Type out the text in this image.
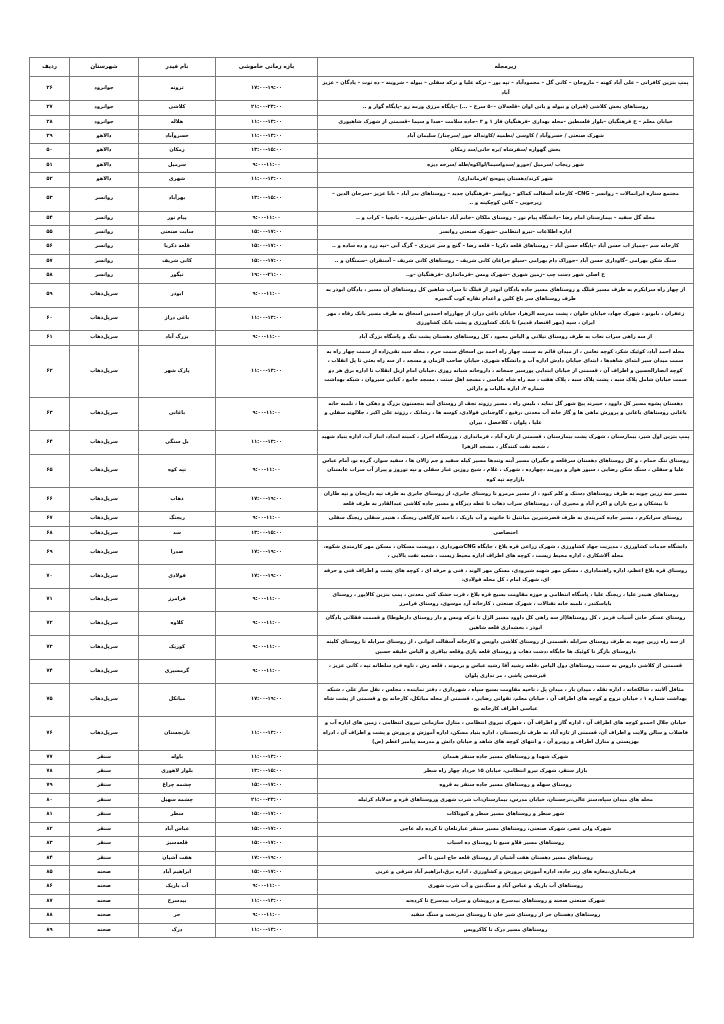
زیرمجله	بازه زمانی خاموشی	نام فیدر	شهرستان	ردیف
پمپ بنزین کافرانی – علی آباد کهنه – ماروخان – کانی گل – محمودآباد – تپه بور – ترکه علیا و ترکه سفلی – بیوله – شروینه – ده توت – یادگان – عزیز آباد	۱۷:۰۰-۱۹:۰۰	ثروته	جوانرود	۲۶
روستاهای بخش کلاشی (فیران و بیوله و بانی اوان –قلعه‌لان –۵۰ سرخ – ...) –پایگاه مرزی ورمه رو –پایگاه گوار و ..	۲۱:۰۰-۲۳:۰۰	کلاشی	جوانرود	۲۷
خیابان معلم – خ فرهنگیان –بلوار فلسطین –محله بهداری –فرهنگیان فاز ۱ و ۲ –جاده سلامت –صدا و سیما –قسمتی از شهرک شاهپوری	۱۱:۰۰-۱۳:۰۰	هلاله	جوانرود	۲۸
شهرک صنعتی / خسروآباد / کاوسی /نظمیه /کاونداله خور /سرچنار/ سلیمان آباد	۱۱:۰۰-۱۳:۰۰	خسروآباد	دالاهو	۲۹
بخش گهواره /سفرشاه /بره خانی/سد زمکان	۱۳:۰۰-۱۵:۰۰	زمکان	دالاهو	۵۰
شهر ریجاب /سرمیل /خورو /سدواسیما/لواکوه/طله /سرخه دیزه	۹:۰۰-۱۱:۰۰	سرمیل	دالاهو	۵۱
شهر کرند/دهستان پیوه‌نج /فرمانداری/	۱۱:۰۰-۱۳:۰۰	شهری	دالاهو	۵۲
مجتمع ستاره ایرانمالات – روانسر – CNG– کارخانه آسفالت کماکو – روانسر –فرهنگیان جدید – روستاهای بدر آباد – بابا عزیز –سرحان الدین – زیرجویی – کانی کوچکینه و ..	۱۳:۰۰-۱۵:۰۰	بهرآباد	روانسر	۵۳
محله گل سفید – بیمارستان امام رضا –دانشگاه پیام نور – روستای ملکان –خانم آباد –ماماش –طبرزره – بانچیا – کراب و ..	۹:۰۰-۱۱:۰۰	پیام نور	روانسر	۵۴
اداره اطلاعات –نیرو انتظامی –شهرک صنعتی روانسر	۱۵:۰۰-۱۷:۰۰	سایت صنعتی	روانسر	۵۵
کارخانه سم –چمیاز اب حسن آباد –پایگاه حسن آباد – روستاهای قلعه ذکریا – قلعه رضا – گنج و سر عزیزی – گرگ آبی –تپه زرد و ده ساده و ..	۱۵:۰۰-۱۷:۰۰	قلعه ذکریا	روانسر	۵۶
سنگ شکن بهرامی –گاوداری حسن آباد –خوراک دام بهرامی –سیلو جراغان کانی شریف – روستاهای کانی شریف – آستقران –سمنگان و ..	۱۵:۰۰-۱۷:۰۰	کانی شریف	روانسر	۵۷
خ اصلی شهر دست چپ –زمین شهری –شهرک ومس –فرمانداری –فرهنگیان –و..	۱۹:۰۰-۲۱:۰۰	نیگور	روانسر	۵۸
از چهار راه سرابکرم به طرف مسیر قبلگ و روستاهای مسیر جاده یادگان ابوذر از قبلگ تا سراب شاهین کل روستاهای آن مسیر ، یادگان ابوذر به طرف روستاهای سر باغ کلین و اعدام نقاره کوب گنجیره	۹:۰۰-۱۱:۰۰	ابوذر	سرپل‌ذهاب	۵۹
زعفران ، بابونو ، شهرک جهاد، خیابان حلوان ، پشت مدرسه الزهرا، خیابان باغی دراز، از چهارراه احمدبن اسحاق به طرف مسیر بانک رفاه ، مهر ایران ، سپه (مهر اقتصاد قدیم) تا بانک کشاورزی و پشت بانک کشاورزی	۱۱:۰۰-۱۳:۰۰	باغی دراز	سرپل‌ذهاب	۶۰
از سه راهی سراب نعاب به طرف روستای نیلانی و الیاس معبود ، کل روستاهای دهستان پشت تنگ و پاسگاه بزرگ آباد	۹:۰۰-۱۱:۰۰	بزرگ آباد	سرپل‌ذهاب	۶۱
محله احمد آباد، کوئیک شکر، کوچه نعامی ، از میدان قائم به سمت چهار راه احمد بن اسحاق سمت حرم ، محله سید تقی‌زاده از سمت چهار راه به سمت میدان سیر ابتدای شاهدها ، ابتدای خیابان دادش اداره آب و دانشگاه شهری، خیابان صاحب الزمان و مسجد ، از سه راه بعثی تا پل انقلاب ، کوچه انصارالحسین و اطراف آن ، قسمتی از خیابان ابتدایی پورسیر جمخانه ، داروخانه شبانه روزی ،خیابان امام ازبل انقلاب تا اداره برق هر دو سمت خیابان شامل پلاک سبه ، پشت پلاک سبه ، پلاک هفت ، سه راه شاه عباسی ، مسجد اهل سنت ، مسجد جامع ، کبابی سیروان ، شبکه بهداشت شماره ۲، اداره مالیات و دارائی	۱۱:۰۰-۱۳:۰۰	پارک شهر	سرپل‌ذهاب	۶۲
دهستان پشوه مسیر کل داوود ، خیبرند پیچ شهر گل نماید ، بلیس راه ، مسیر رزوند نجف از روستای آبنه بنجستون بزرگ و دهکی ها ، تلمبه خانه باغانی روستاهای باغانی و پرورش ماهی ها و گاز خانه آب معدنی ،رفیع ، گاوجنانی فولادی، کوسه ها ، رشانک ، رزوند علی اکبر ، جلالوند سفلی و علیا ، پلوان ، کلاخصل ، بیران	۹:۰۰-۱۱:۰۰	باغانی	سرپل‌ذهاب	۶۳
پمپ بنزین اول شیر، بیمارستان ، شهرک پشت بیمارستان ، قسمتی از تازه آباد ، فرمانداری ، ورزشگاه احرار ، کمیته امداد، انبار آب، اداره بنیاد شهید ، شعبه نفت کنندگار ، مسجد الزهرا	۱۱:۰۰-۱۳:۰۰	بل سنگی	سرپل‌ذهاب	۶۴
روستای تنگ حمام ، و کل روستاهای دهستان سرقلعه و جگیران مسیر آبنه وتندها مسیر کیله سفید و جم زالان ها ، سفید سوار، گرده نو، آمام عباس علیا و سفلی ، سنگ شکن رضایی ، سیور هوار و دوربند ،چهارده ، شهرک ، غلام ، شیخ روزبن غبار سفلی و تپه نوروز و پیراز آب سراب عابستان بازارچه تپه کوه	۹:۰۰-۱۱:۰۰	تپه کوه	سرپل‌ذهاب	۶۵
مسیر سه زرین چوبه به طرف روستاهای دستک و کلم کبود ، از مسیر مرمرو تا روستای جابری، از روستای جابری به طرف تپه داریخان و تپه طاران تا بیشکان و برج باران و اکرم آباد و مجیری آن ، روستاهای سراب ذهاب تا عطه دیزگاه و مسیر جاده کلاشی عبدالقادر به طرف قلعه	۱۷:۰۰-۱۹:۰۰	ذهاب	سرپل‌ذهاب	۶۶
روستای سرابکرم ، مسیر جاده کمربندی به طرف قصرشیرین میانتیل تا خاتونه و آب باریک ، ناحیه کارگاهی ریجنگ ، هنیدر سفلی ریجنگ سفلی	۹:۰۰-۱۱:۰۰	ریجنگ	سرپل‌ذهاب	۶۷
اختصاصی	۱۳:۰۰-۱۵:۰۰	سد	سرپل‌ذهاب	۶۸
دانشگاه خدمات کشاورزی ، مدیریت جهاد کشاورزی ، شهرک زراعی قره بلاغ ، جایگاه CNGشهرداری ، دویست مسکان ، مسکن مهر کارمندی شکوه، محله آلاشکاری ، اداره محیط زیست ، کوچه های اطراف اداره محیط زیست ، شعبه نفت بالایی ،	۱۷:۰۰-۱۹:۰۰	صدرا	سرپل‌ذهاب	۶۹
روستای قره بلاغ اعظم، اداره راهنماداری ، مسکن مهر شهید شیرودی، مسکن مهر الوند ، فنی و حرفه ای ، کوچه های پشت و اطراف فنی و حرفه ای، شهرک امام ، کل محله فولادی،	۱۷:۰۰-۱۹:۰۰	فولادی	سرپل‌ذهاب	۷۰
روستاهای هنیدر علیا ، ریجنگ علیا ، پاسگاه انتظامی و حوزه مقاومت بسیج قره بلاغ ، فرت خشک کنی معدنی ، پمپ بنزین کالاپور ، روستای باباسکندر ، تلمبه خانه نفتالات ، شهرک صنعتی ، کارخانه آرد موسوی، روستای فرامرز	۹:۰۰-۱۱:۰۰	فرامرز	سرپل‌ذهاب	۷۱
روستای عسکر خانی آسیاب فرمز ، کل روستاها(از سه راهی کل داوود مسیر الزل تا ترکه ومس و دار روستای دارطوطا) و قسمت فقلانی پادگان ابوذر ، بخشداری قلعه شاهین	۹:۰۰-۱۱:۰۰	کلاوه	سرپل‌ذهاب	۷۲
از سه راه زرین چوبه به طرف روستای سرابله ،قسمتی از روستای کلاشی داویس و کارخانه آسفالت انوانی ، از روستای سرابله تا روستای کلیته داروستای بازگر تا کوئیک ها جایگاه ،دشت ذهاب و روستای قلعه پازی وقلعه بیاقری و الیاس خلیفه حسین	۹:۰۰-۱۱:۰۰	کوریک	سرپل‌ذهاب	۷۳
قسمتی از کلاشی داروس به سمت روستاهای دول الیاس ،قلعه رشید آقا رشید عباس و برموند ، قلعه رش ، تاوه فرد سلطانه تپه ، کانی عزیز ، قیرشجی پاشی ، مر نداری پلوان	۹:۰۰-۱۱:۰۰	گرمسیری	سرپل‌ذهاب	۷۴
مثافل آلابند ، شالکخانه ، اداره نقله ، میدان بار ، میدان پل ، ناحیه مقاومت بسیج سپاه ، شهرداری ، دفتر نماینده ، مجلس ، نقل ساز علی ، شبکه بهداشت شماره ۱ ، خیابان نروج و کوچه های اطراف آن ، خیابان معلم، تقوانی رضایی ، قسمتی از محله میانکل، کارخانه یخ و قسمتی از پشت شاه عباسی اطراف کارخانه یخ	۱۷:۰۰-۱۹:۰۰	میانکل	سرپل‌ذهاب	۷۵
خیابان جلال احمدو کوچه های اطراف آن ، اداره گاز و اطراف آن ، شهرک نیروی انتظامی ، منازل سازمانی نیروی انتظامی ، زمین های اداره آب و فاضلاب و سالن ولایت و اطراف آن، قسمتی از تازه آباد به طرف نارنجستان ، اداره بنیاد مسکن، اداره آموزش و پرورش و پشت و اطراف آن ، ادراه بهزیستی و منازل اطراف و روبرو آن ، و انتهای کوچه های شاهد و خیابان دانش و مدرسه پیامبر اعظم (ص)	۱۱:۰۰-۱۳:۰۰	نارنجستان	سرپل‌ذهاب	۷۶
شهرک شهدا و روستاهای مسیر جاده سنقر همدان	۱۱:۰۰-۱۳:۰۰	باوله	سنقر	۷۷
بازار سنقر، شهرک نیرو انتظامی، خیابان ۱۵ خرداد چهار راه سطر	۱۳:۰۰-۱۵:۰۰	بلوار لاهوری	سنقر	۷۸
روستای سهله و روستاهای مسیر جاده سنقر به قروه	۱۵:۰۰-۱۷:۰۰	چشمه چراغ	سنقر	۷۹
محله های میدان سپاه،سنز عالی،نرجستان، خیابان مدرس، بیمارستان،اب شرب شهری وروستاهای قره و خدلاباد کرئیله	۲۱:۰۰-۲۳:۰۰	چشمه سهیل	سنقر	۸۰
شهر سطر و روستاهای مسیر سطر و کیوناکات	۱۵:۰۰-۱۷:۰۰	سطر	سنقر	۸۱
شهرک ولی عصر، شهرک صنعتی، روستاهای مسیر سنقر عبارتلغان تا کرده دله عاجی	۱۵:۰۰-۱۷:۰۰	عباس آباد	سنقر	۸۲
روستاهای مسیر قلاو سبع تا روستای ده اسباب	۱۵:۰۰-۱۷:۰۰	قلعه‌سبز	سنقر	۸۳
روستاهای مسیر دهستان هفت آشیان از روستای قلعه حاج امین تا آخر	۱۷:۰۰-۱۹:۰۰	هفت آشیان	سنقر	۸۴
فرمانداری،مغازه های زیر جاده، اداره آموزش پرورش و کشاورزی ، اداره برق،ابراهیم آباد شرقی و غربی	۱۵:۰۰-۱۷:۰۰	ابراهیم آباد	صحنه	۸۵
روستاهای آب باریک و عباس آباد و سنگ‌بین و آب شرب شهری	۹:۰۰-۱۱:۰۰	آب باریک	صحنه	۸۶
شهرک صنعتی صحنه و روستاهای بیدسرخ و درویشان و سراب بیدسرخ تا کرده‌نه	۱۱:۰۰-۱۳:۰۰	بیدسرخ	صحنه	۸۷
روستاهای دهستان حر از روستای شیر خان تا روستای سرتخت و سنگ سفید	۹:۰۰-۱۱:۰۰	حر	صحنه	۸۸
روستاهای مسیر درک تا کاکرویس	۱۱:۰۰-۱۳:۰۰	درک	صحنه	۸۹
